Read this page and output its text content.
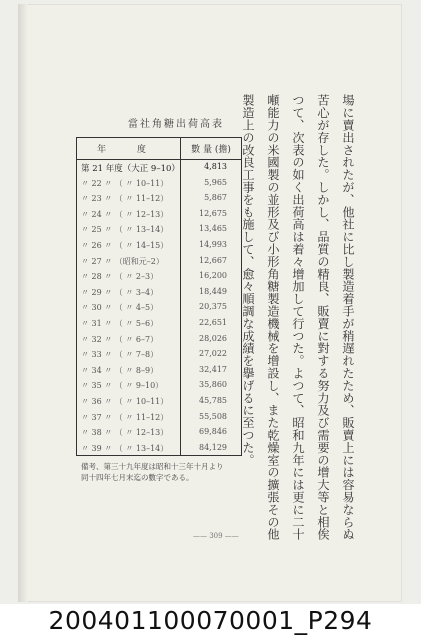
當社角糖出荷高表
年 度	數 量 (擔)
第 21 年度（大正 9–10）	4,813
〃 22 〃 （ 〃 10–11）	5,965
〃 23 〃 （ 〃 11–12）	5,867
〃 24 〃 （ 〃 12–13）	12,675
〃 25 〃 （ 〃 13–14）	13,465
〃 26 〃 （ 〃 14–15）	14,993
〃 27 〃 （昭和元–2）	12,667
〃 28 〃 （ 〃 2–3）	16,200
〃 29 〃 （ 〃 3–4）	18,449
〃 30 〃 （ 〃 4–5）	20,375
〃 31 〃 （ 〃 5–6）	22,651
〃 32 〃 （ 〃 6–7）	28,026
〃 33 〃 （ 〃 7–8）	27,022
〃 34 〃 （ 〃 8–9）	32,417
〃 35 〃 （ 〃 9–10）	35,860
〃 36 〃 （ 〃 10–11）	45,785
〃 37 〃 （ 〃 11–12）	55,508
〃 38 〃 （ 〃 12–13）	69,846
〃 39 〃 （ 〃 13–14）	84,129
備考、第三十九年度は昭和十三年十月より
同十四年七月末迄の數字である。	場に賣出されたが、他社に比し製造着手が稍遅れたため、販賣上には容易ならぬ
苦心が存した。しかし、品質の精良、販賣に對する努力及び需要の增大等と相俟
つて、次表の如く出荷高は着々增加して行つた。よつて、昭和九年には更に二十
噸能力の米國製の並形及び小形角糖製造機械を增設し、また乾燥室の擴張その他
製造上の改良工事をも施して、愈々順調な成績を擧げるに至つた。
—— 309 ——
200401100070001_P294
